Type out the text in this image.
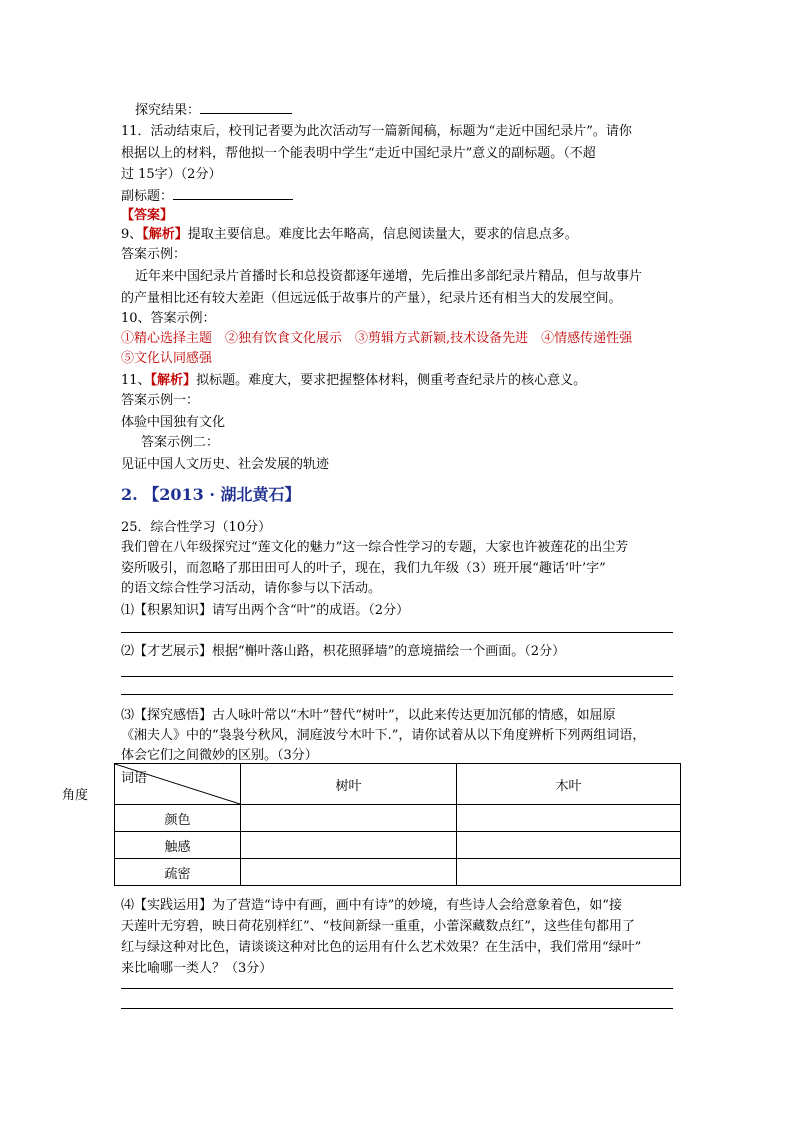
探究结果：
11．活动结束后，校刊记者要为此次活动写一篇新闻稿，标题为“走近中国纪录片”。请你
根据以上的材料，帮他拟一个能表明中学生“走近中国纪录片”意义的副标题。（不超
过 15字）（2分）
副标题：
【答案】
9、【解析】提取主要信息。难度比去年略高，信息阅读量大，要求的信息点多。
答案示例：
近年来中国纪录片首播时长和总投资都逐年递增，先后推出多部纪录片精品，但与故事片
的产量相比还有较大差距（但远远低于故事片的产量），纪录片还有相当大的发展空间。
10、答案示例：
①精心选择主题　②独有饮食文化展示　③剪辑方式新颖,技术设备先进　④情感传递性强
⑤文化认同感强
11、【解析】拟标题。难度大，要求把握整体材料，侧重考查纪录片的核心意义。
答案示例一：
体验中国独有文化
答案示例二：
见证中国人文历史、社会发展的轨迹
2. 【2013 · 湖北黄石】
25．综合性学习（10分）
我们曾在八年级探究过“莲文化的魅力”这一综合性学习的专题，大家也许被莲花的出尘芳
姿所吸引，而忽略了那田田可人的叶子，现在，我们九年级（3）班开展“趣话‘叶’字”
的语文综合性学习活动，请你参与以下活动。
⑴【积累知识】请写出两个含“叶”的成语。（2分）
⑵【才艺展示】根据“槲叶落山路，枳花照驿墙”的意境描绘一个画面。（2分）
⑶【探究感悟】古人咏叶常以“木叶”替代“树叶”，以此来传达更加沉郁的情感，如屈原
《湘夫人》中的“袅袅兮秋风，洞庭波兮木叶下.”，请你试着从以下角度辨析下列两组词语，
体会它们之间微妙的区别。（3分）
角度
词语	树叶	木叶
颜色		
触感		
疏密		
⑷【实践运用】为了营造“诗中有画，画中有诗”的妙境，有些诗人会给意象着色，如“接
天莲叶无穷碧，映日荷花别样红”、“枝间新绿一重重，小蕾深藏数点红”，这些佳句都用了
红与绿这种对比色，请谈谈这种对比色的运用有什么艺术效果？在生活中，我们常用“绿叶”
来比喻哪一类人？（3分）
